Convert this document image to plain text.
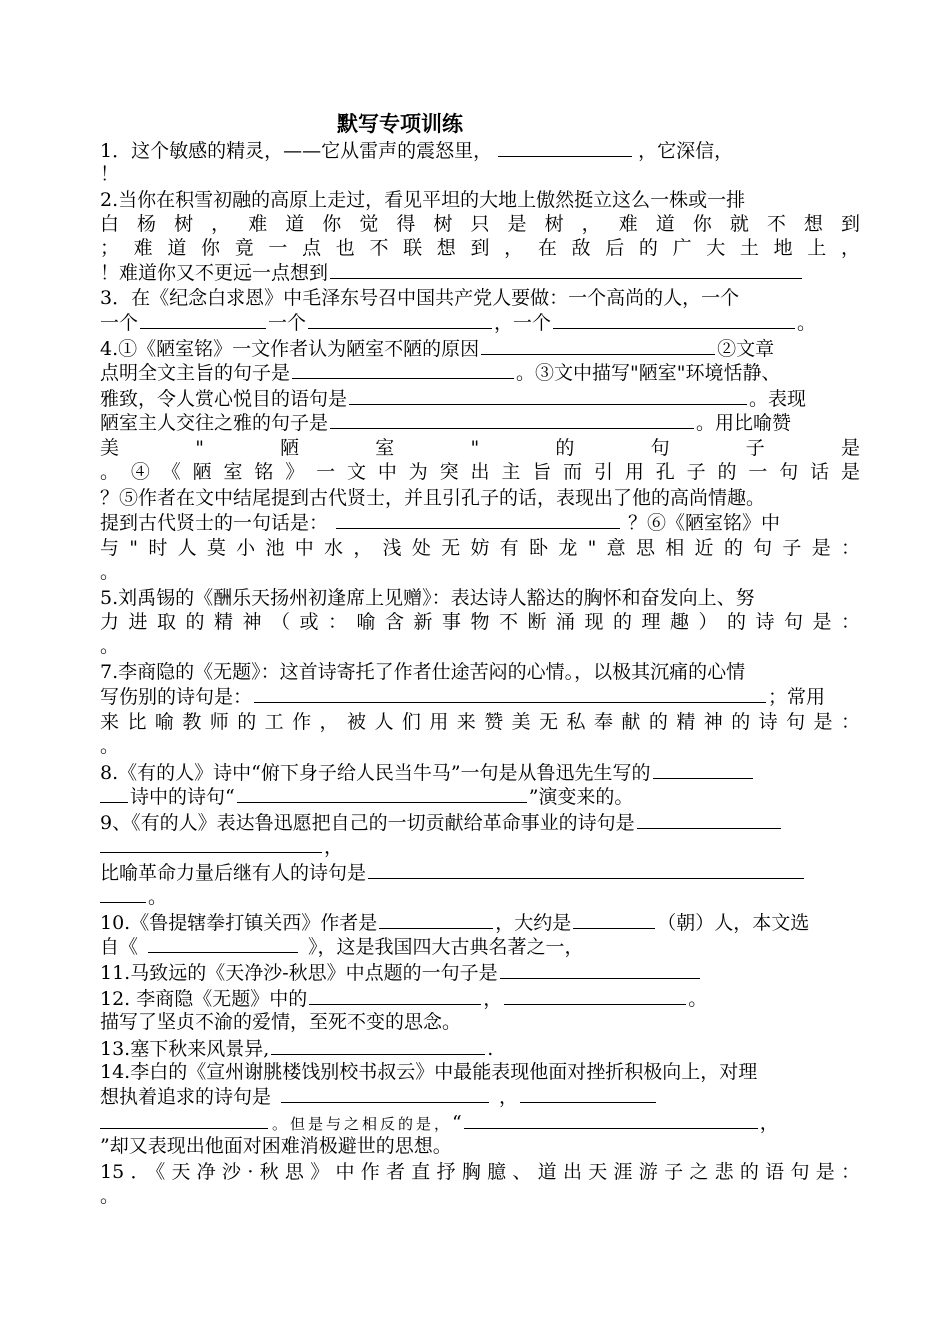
默写专项训练
1．这个敏感的精灵，——它从雷声的震怒里，	，它深信，
！
2.当你在积雪初融的高原上走过，看见平坦的大地上傲然挺立这么一株或一排
白杨树，难道你觉得树只是树，难道你就不想到
；难道你竟一点也不联想到，在敌后的广大土地上，
！难道你又不更远一点想到
3．在《纪念白求恩》中毛泽东号召中国共产党人要做：一个高尚的人，一个
一个	一个	，一个	。
4.①《陋室铭》一文作者认为陋室不陋的原因	②文章
点明全文主旨的句子是	。③文中描写"陋室"环境恬静、
雅致，令人赏心悦目的语句是	。表现
陋室主人交往之雅的句子是	。用比喻赞
美"陋室"的句子是
。④《陋室铭》一文中为突出主旨而引用孔子的一句话是
？⑤作者在文中结尾提到古代贤士，并且引孔子的话，表现出了他的高尚情趣。
提到古代贤士的一句话是：	？⑥《陋室铭》中
与"时人莫小池中水，浅处无妨有卧龙"意思相近的句子是：
。
5.刘禹锡的《酬乐天扬州初逢席上见赠》：表达诗人豁达的胸怀和奋发向上、努
力进取的精神（或：喻含新事物不断涌现的理趣）的诗句是：
。
7.李商隐的《无题》：这首诗寄托了作者仕途苦闷的心情。，以极其沉痛的心情
写伤别的诗句是：	；常用
来比喻教师的工作，被人们用来赞美无私奉献的精神的诗句是：
。
8.《有的人》诗中“俯下身子给人民当牛马”一句是从鲁迅先生写的
诗中的诗句“	”演变来的。
9、《有的人》表达鲁迅愿把自己的一切贡献给革命事业的诗句是
，
比喻革命力量后继有人的诗句是
。
10.《鲁提辖拳打镇关西》作者是	，大约是	（朝）人，本文选
自《	》，这是我国四大古典名著之一，
11.马致远的《天净沙-秋思》中点题的一句子是
12. 李商隐《无题》中的	，	。
描写了坚贞不渝的爱情，至死不变的思念。
13.塞下秋来风景异,	.
14.李白的《宣州谢朓楼饯别校书叔云》中最能表现他面对挫折积极向上，对理
想执着追求的诗句是	，
。但是与之相反的是，“	，
”却又表现出他面对困难消极避世的思想。
15．《天净沙·秋思》中作者直抒胸臆、道出天涯游子之悲的语句是：
。
